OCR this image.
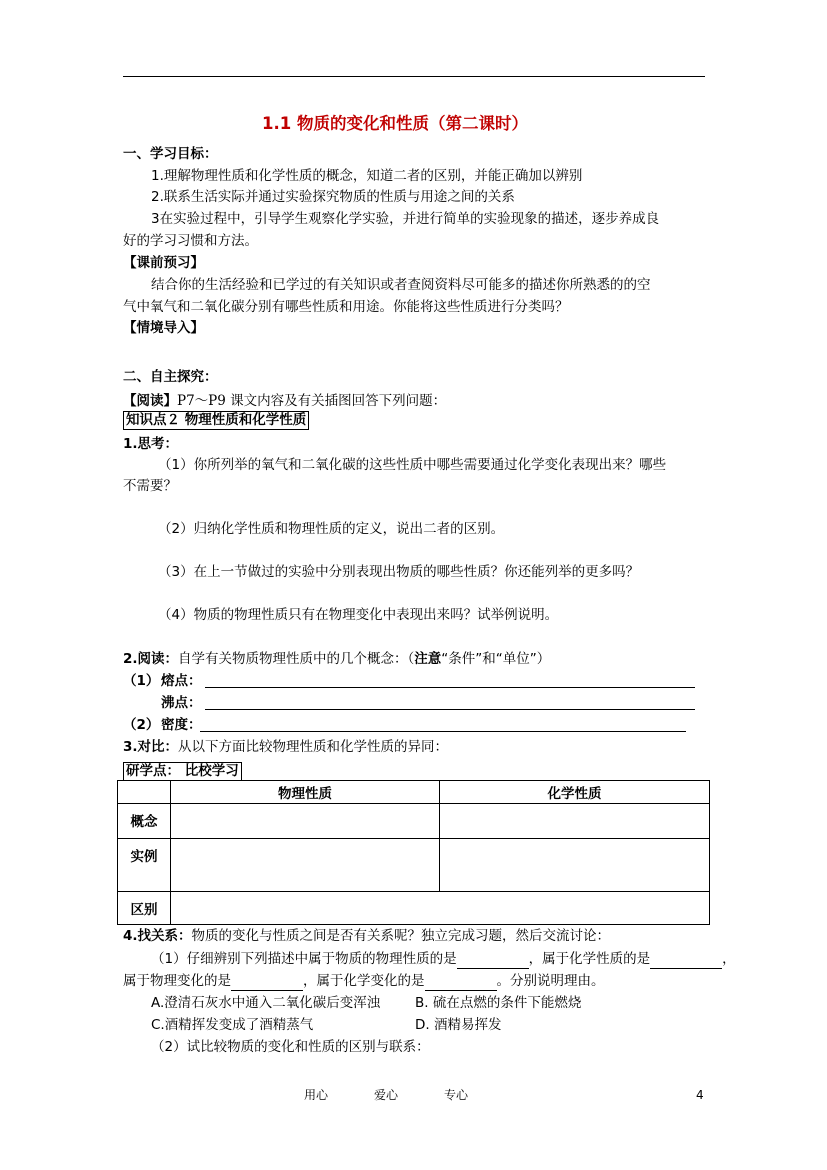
1.1 物质的变化和性质（第二课时）
一、学习目标：
1.理解物理性质和化学性质的概念，知道二者的区别，并能正确加以辨别
2.联系生活实际并通过实验探究物质的性质与用途之间的关系
3在实验过程中，引导学生观察化学实验，并进行简单的实验现象的描述，逐步养成良
好的学习习惯和方法。
【课前预习】
结合你的生活经验和已学过的有关知识或者查阅资料尽可能多的描述你所熟悉的的空
气中氧气和二氧化碳分别有哪些性质和用途。你能将这些性质进行分类吗？
【情境导入】
二、自主探究：
【阅读】P7～P9 课文内容及有关插图回答下列问题：
知识点２ 物理性质和化学性质
1.思考：
（1）你所列举的氧气和二氧化碳的这些性质中哪些需要通过化学变化表现出来？哪些
不需要？
（2）归纳化学性质和物理性质的定义，说出二者的区别。
（3）在上一节做过的实验中分别表现出物质的哪些性质？你还能列举的更多吗？
（4）物质的物理性质只有在物理变化中表现出来吗？试举例说明。
2.阅读：自学有关物质物理性质中的几个概念：（注意“条件”和“单位”）
（1） 熔点：
沸点：
（2） 密度：
3.对比：从以下方面比较物理性质和化学性质的异同：
研学点： 比校学习
	物理性质	化学性质
概念		
实例		
区别		
4.找关系：物质的变化与性质之间是否有关系呢？独立完成习题，然后交流讨论：
（1）仔细辨别下列描述中属于物质的物理性质的是	，属于化学性质的是	，
属于物理变化的是	，属于化学变化的是	。分别说明理由。
A.澄清石灰水中通入二氧化碳后变浑浊	B. 硫在点燃的条件下能燃烧
C.酒精挥发变成了酒精蒸气	D. 酒精易挥发
（2）试比较物质的变化和性质的区别与联系：
用心	爱心	专心	4
